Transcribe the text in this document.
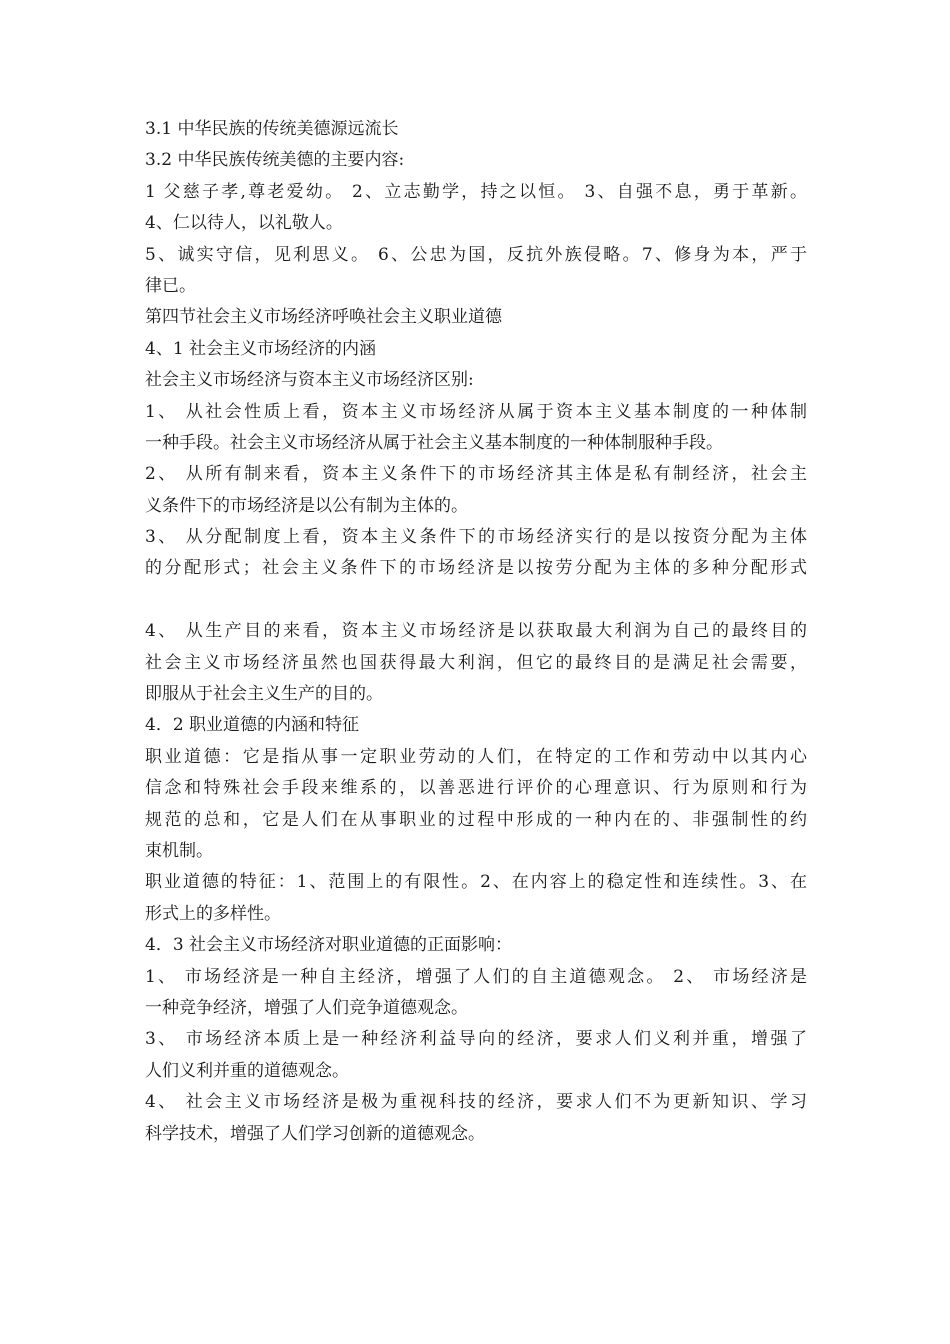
3.1 中华民族的传统美德源远流长
3.2 中华民族传统美德的主要内容:
1 父慈子孝,尊老爱幼。 2、立志勤学，持之以恒。 3、自强不息，勇于革新。
4、仁以待人，以礼敬人。
5、诚实守信，见利思义。 6、公忠为国，反抗外族侵略。7、修身为本，严于
律已。
第四节社会主义市场经济呼唤社会主义职业道德
4、1 社会主义市场经济的内涵
社会主义市场经济与资本主义市场经济区别:
1、 从社会性质上看，资本主义市场经济从属于资本主义基本制度的一种体制
一种手段。社会主义市场经济从属于社会主义基本制度的一种体制服种手段。
2、 从所有制来看，资本主义条件下的市场经济其主体是私有制经济，社会主
义条件下的市场经济是以公有制为主体的。
3、 从分配制度上看，资本主义条件下的市场经济实行的是以按资分配为主体
的分配形式；社会主义条件下的市场经济是以按劳分配为主体的多种分配形式
4、 从生产目的来看，资本主义市场经济是以获取最大利润为自己的最终目的
社会主义市场经济虽然也国获得最大利润，但它的最终目的是满足社会需要，
即服从于社会主义生产的目的。
4．2 职业道德的内涵和特征
职业道德：它是指从事一定职业劳动的人们，在特定的工作和劳动中以其内心
信念和特殊社会手段来维系的，以善恶进行评价的心理意识、行为原则和行为
规范的总和，它是人们在从事职业的过程中形成的一种内在的、非强制性的约
束机制。
职业道德的特征：1、范围上的有限性。2、在内容上的稳定性和连续性。3、在
形式上的多样性。
4．3 社会主义市场经济对职业道德的正面影响：
1、 市场经济是一种自主经济，增强了人们的自主道德观念。 2、 市场经济是
一种竞争经济，增强了人们竞争道德观念。
3、 市场经济本质上是一种经济利益导向的经济，要求人们义利并重，增强了
人们义利并重的道德观念。
4、 社会主义市场经济是极为重视科技的经济，要求人们不为更新知识、学习
科学技术，增强了人们学习创新的道德观念。
